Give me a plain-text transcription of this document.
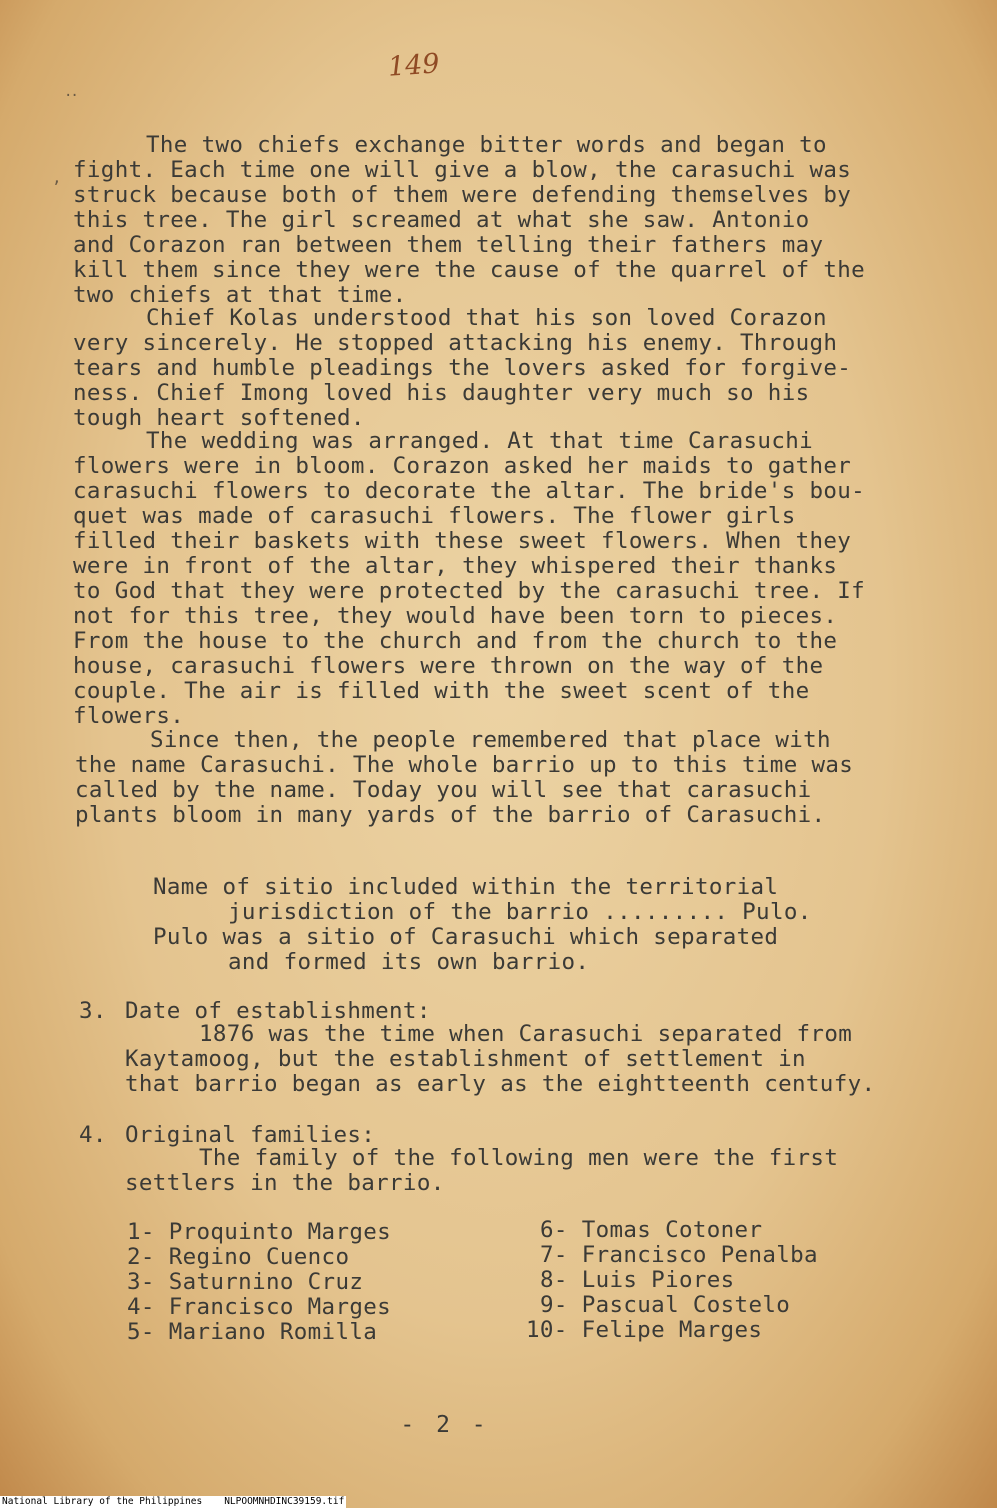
149
..
,
The two chiefs exchange bitter words and began to
fight. Each time one will give a blow, the carasuchi was
struck because both of them were defending themselves by
this tree. The girl screamed at what she saw. Antonio
and Corazon ran between them telling their fathers may
kill them since they were the cause of the quarrel of the
two chiefs at that time.
Chief Kolas understood that his son loved Corazon
very sincerely. He stopped attacking his enemy. Through
tears and humble pleadings the lovers asked for forgive-
ness. Chief Imong loved his daughter very much so his
tough heart softened.
The wedding was arranged. At that time Carasuchi
flowers were in bloom. Corazon asked her maids to gather
carasuchi flowers to decorate the altar. The bride's bou-
quet was made of carasuchi flowers. The flower girls
filled their baskets with these sweet flowers. When they
were in front of the altar, they whispered their thanks
to God that they were protected by the carasuchi tree. If
not for this tree, they would have been torn to pieces.
From the house to the church and from the church to the
house, carasuchi flowers were thrown on the way of the
couple. The air is filled with the sweet scent of the
flowers.
Since then, the people remembered that place with
the name Carasuchi. The whole barrio up to this time was
called by the name. Today you will see that carasuchi
plants bloom in many yards of the barrio of Carasuchi.
Name of sitio included within the territorial
jurisdiction of the barrio ......... Pulo.
Pulo was a sitio of Carasuchi which separated
and formed its own barrio.
3. Date of establishment:
1876 was the time when Carasuchi separated from
Kaytamoog, but the establishment of settlement in
that barrio began as early as the eightteenth centufy.
4. Original families:
The family of the following men were the first
settlers in the barrio.
1- Proquinto Marges
2- Regino Cuenco
3- Saturnino Cruz
4- Francisco Marges
5- Mariano Romilla
6- Tomas Cotoner
7- Francisco Penalba
8- Luis Piores
9- Pascual Costelo
10- Felipe Marges
- 2 -
National Library of the Philippines NLPOOMNHDINC39159.tif
